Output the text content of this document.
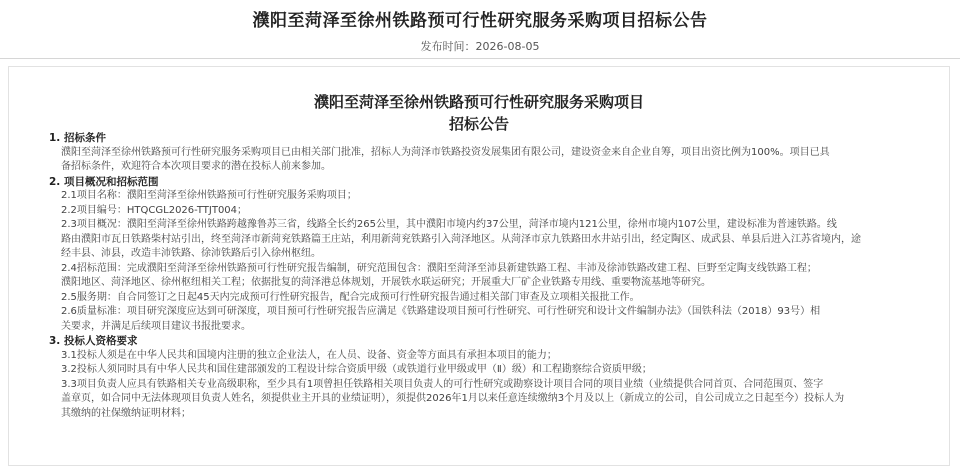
濮阳至菏泽至徐州铁路预可行性研究服务采购项目招标公告
发布时间：2026-08-05
濮阳至菏泽至徐州铁路预可行性研究服务采购项目
招标公告

1. 招标条件

濮阳至菏泽至徐州铁路预可行性研究服务采购项目已由相关部门批准，招标人为菏泽市铁路投资发展集团有限公司，建设资金来自企业自筹，项目出资比例为100%。项目已具

备招标条件，欢迎符合本次项目要求的潜在投标人前来参加。

2. 项目概况和招标范围

2.1项目名称：濮阳至菏泽至徐州铁路预可行性研究服务采购项目；

2.2项目编号：HTQCGL2026-TTJT004；

2.3项目概况：濮阳至菏泽至徐州铁路跨越豫鲁苏三省，线路全长约265公里，其中濮阳市境内约37公里，菏泽市境内121公里，徐州市境内107公里，建设标准为普速铁路。线

路由濮阳市瓦日铁路柴村站引出，终至菏泽市新菏兖铁路篇王庄站，利用新菏兖铁路引入菏泽地区。从菏泽市京九铁路田水井站引出，经定陶区、成武县、单县后进入江苏省境内，途

经丰县、沛县，改造丰沛铁路、徐沛铁路后引入徐州枢纽。

2.4招标范围：完成濮阳至菏泽至徐州铁路预可行性研究报告编制，研究范围包含：濮阳至菏泽至沛县新建铁路工程、丰沛及徐沛铁路改建工程、巨野至定陶支线铁路工程；

濮阳地区、菏泽地区、徐州枢纽相关工程；依据批复的菏泽港总体规划，开展铁水联运研究；开展重大厂矿企业铁路专用线、重要物流基地等研究。

2.5服务期：自合同签订之日起45天内完成预可行性研究报告，配合完成预可行性研究报告通过相关部门审查及立项相关报批工作。

2.6质量标准：项目研究深度应达到可研深度，项目预可行性研究报告应满足《铁路建设项目预可行性研究、可行性研究和设计文件编制办法》（国铁科法（2018）93号）相

关要求，并满足后续项目建议书报批要求。

3. 投标人资格要求

3.1投标人须是在中华人民共和国境内注册的独立企业法人，在人员、设备、资金等方面具有承担本项目的能力；

3.2投标人须同时具有中华人民共和国住建部颁发的工程设计综合资质甲级（或铁道行业甲级或甲（Ⅱ）级）和工程勘察综合资质甲级；

3.3项目负责人应具有铁路相关专业高级职称，至少具有1项曾担任铁路相关项目负责人的可行性研究或勘察设计项目合同的项目业绩（业绩提供合同首页、合同范围页、签字

盖章页，如合同中无法体现项目负责人姓名，须提供业主开具的业绩证明），须提供2026年1月以来任意连续缴纳3个月及以上（新成立的公司，自公司成立之日起至今）投标人为

其缴纳的社保缴纳证明材料；
